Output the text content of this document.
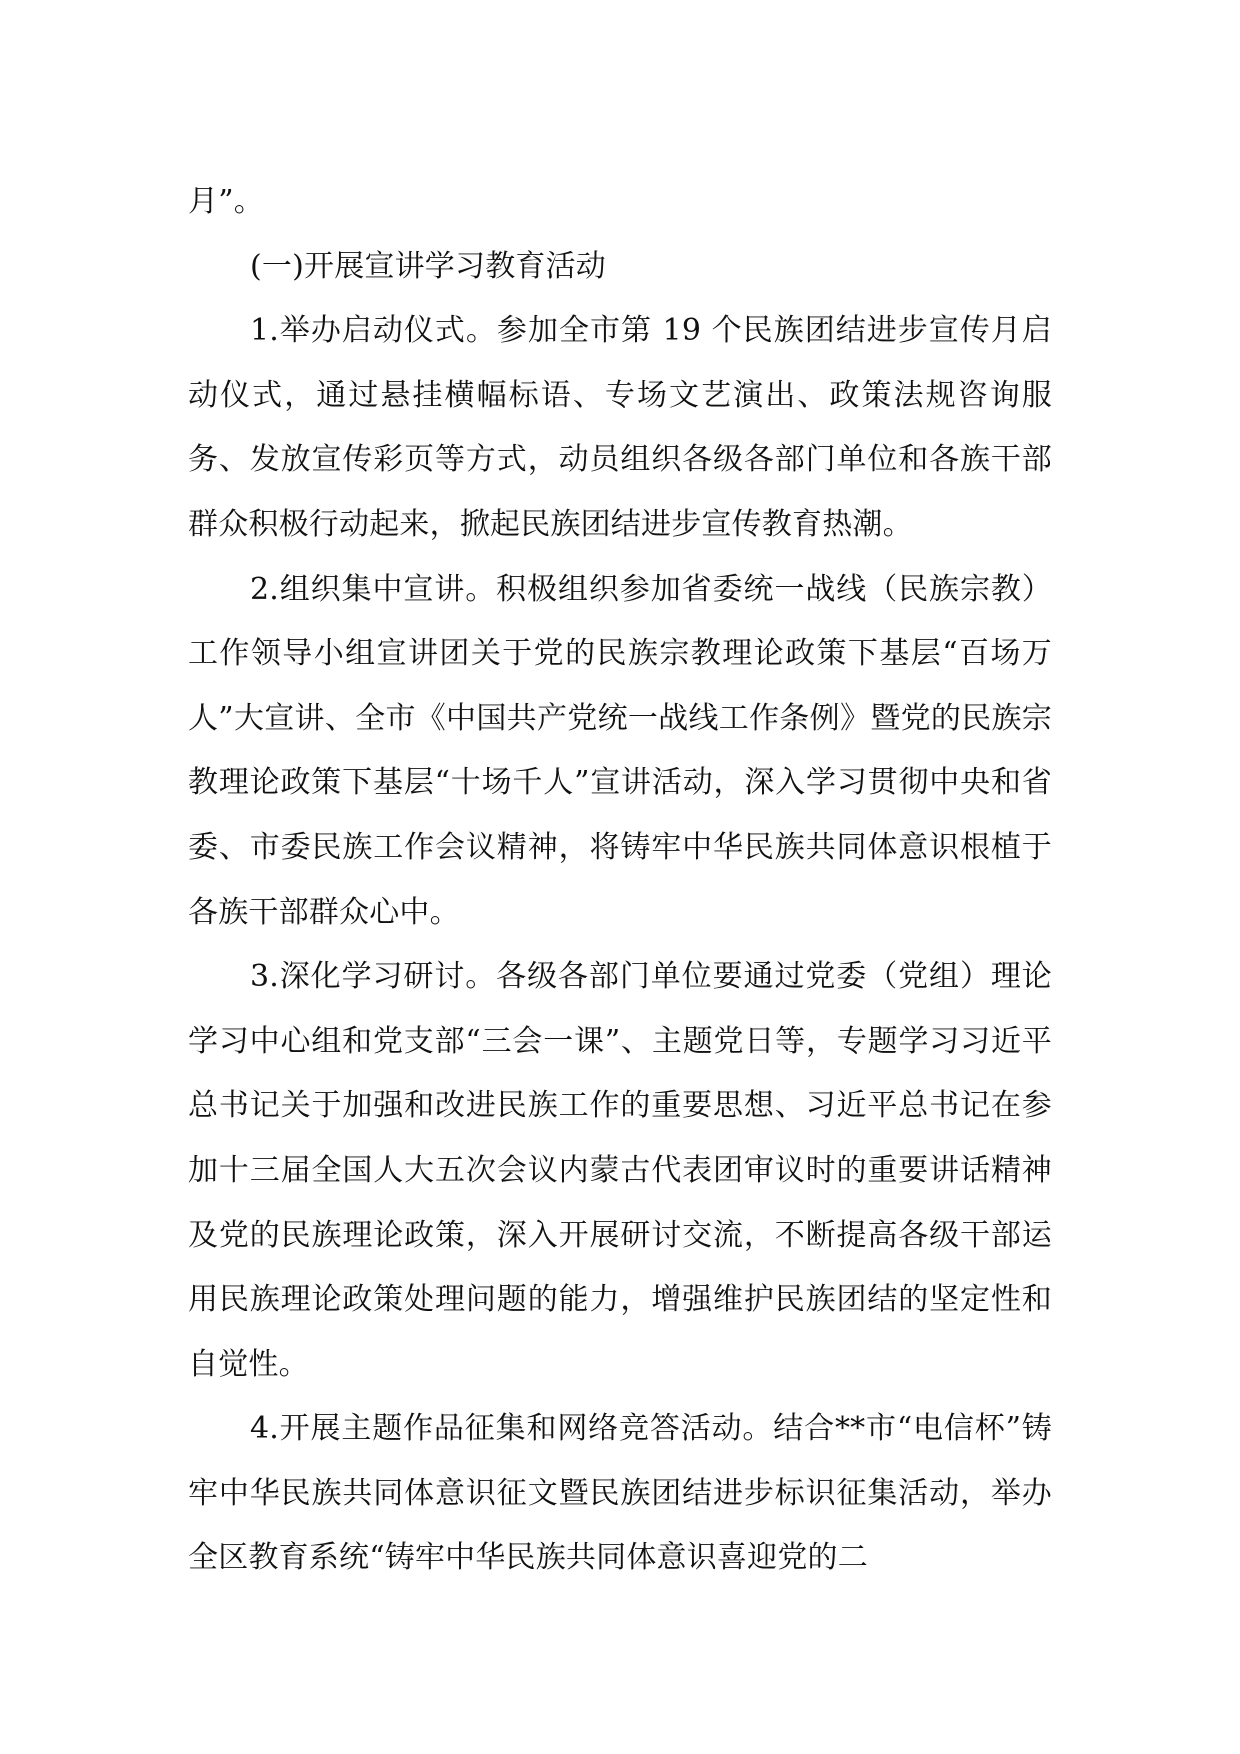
月”。

(一)开展宣讲学习教育活动

1.举办启动仪式。参加全市第 19 个民族团结进步宣传月启动仪式，通过悬挂横幅标语、专场文艺演出、政策法规咨询服务、发放宣传彩页等方式，动员组织各级各部门单位和各族干部群众积极行动起来，掀起民族团结进步宣传教育热潮。

2.组织集中宣讲。积极组织参加省委统一战线（民族宗教）工作领导小组宣讲团关于党的民族宗教理论政策下基层“百场万人”大宣讲、全市《中国共产党统一战线工作条例》暨党的民族宗教理论政策下基层“十场千人”宣讲活动，深入学习贯彻中央和省委、市委民族工作会议精神，将铸牢中华民族共同体意识根植于各族干部群众心中。

3.深化学习研讨。各级各部门单位要通过党委（党组）理论学习中心组和党支部“三会一课”、主题党日等，专题学习习近平总书记关于加强和改进民族工作的重要思想、习近平总书记在参加十三届全国人大五次会议内蒙古代表团审议时的重要讲话精神及党的民族理论政策，深入开展研讨交流，不断提高各级干部运用民族理论政策处理问题的能力，增强维护民族团结的坚定性和自觉性。

4.开展主题作品征集和网络竞答活动。结合**市“电信杯”铸牢中华民族共同体意识征文暨民族团结进步标识征集活动，举办全区教育系统“铸牢中华民族共同体意识喜迎党的二
